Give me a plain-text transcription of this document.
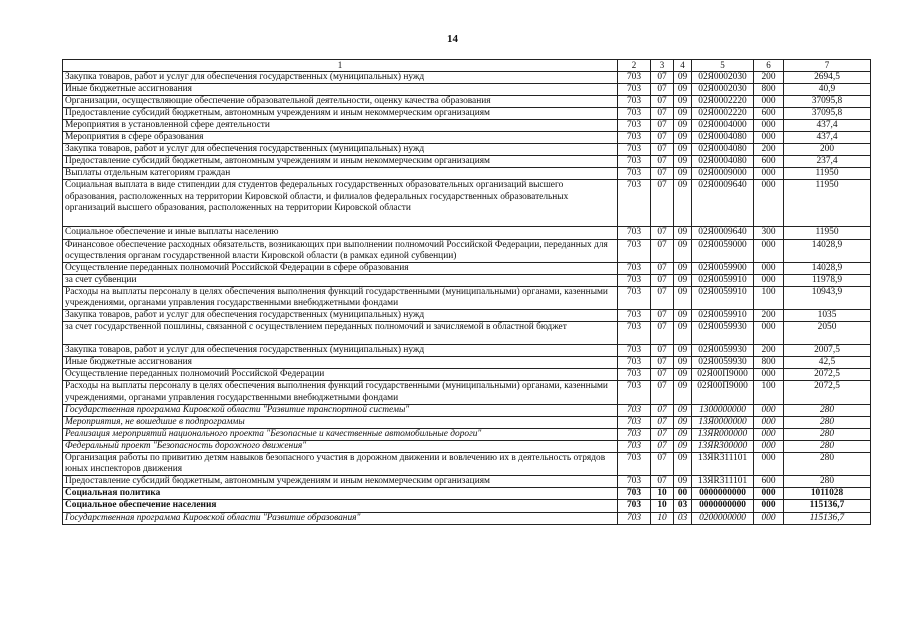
14
1	2	3	4	5	6	7
Закупка товаров, работ и услуг для обеспечения государственных (муниципальных) нужд	703	07	09	02Я0002030	200	2694,5
Иные бюджетные ассигнования	703	07	09	02Я0002030	800	40,9
Организации, осуществляющие обеспечение образовательной деятельности, оценку качества образования	703	07	09	02Я0002220	000	37095,8
Предоставление субсидий бюджетным, автономным учреждениям и иным некоммерческим организациям	703	07	09	02Я0002220	600	37095,8
Мероприятия в установленной сфере деятельности	703	07	09	02Я0004000	000	437,4
Мероприятия в сфере образования	703	07	09	02Я0004080	000	437,4
Закупка товаров, работ и услуг для обеспечения государственных (муниципальных) нужд	703	07	09	02Я0004080	200	200
Предоставление субсидий бюджетным, автономным учреждениям и иным некоммерческим организациям	703	07	09	02Я0004080	600	237,4
Выплаты отдельным категориям граждан	703	07	09	02Я0009000	000	11950
Социальная выплата в виде стипендии для студентов федеральных государственных образовательных организаций высшего образования, расположенных на территории Кировской области, и филиалов федеральных государственных образовательных организаций высшего образования, расположенных на территории Кировской области	703	07	09	02Я0009640	000	11950
Социальное обеспечение и иные выплаты населению	703	07	09	02Я0009640	300	11950
Финансовое обеспечение расходных обязательств, возникающих при выполнении полномочий Российской Федерации, переданных для осуществления органам государственной власти Кировской области (в рамках единой субвенции)	703	07	09	02Я0059000	000	14028,9
Осуществление переданных полномочий Российской Федерации в сфере образования	703	07	09	02Я0059900	000	14028,9
за счет субвенции	703	07	09	02Я0059910	000	11978,9
Расходы на выплаты персоналу в целях обеспечения выполнения функций государственными (муниципальными) органами, казенными учреждениями, органами управления государственными внебюджетными фондами	703	07	09	02Я0059910	100	10943,9
Закупка товаров, работ и услуг для обеспечения государственных (муниципальных) нужд	703	07	09	02Я0059910	200	1035
за счет государственной пошлины, связанной с осуществлением переданных полномочий и зачисляемой в областной бюджет	703	07	09	02Я0059930	000	2050
Закупка товаров, работ и услуг для обеспечения государственных (муниципальных) нужд	703	07	09	02Я0059930	200	2007,5
Иные бюджетные ассигнования	703	07	09	02Я0059930	800	42,5
Осуществление переданных полномочий Российской Федерации	703	07	09	02Я00П9000	000	2072,5
Расходы на выплаты персоналу в целях обеспечения выполнения функций государственными (муниципальными) органами, казенными учреждениями, органами управления государственными внебюджетными фондами	703	07	09	02Я00П9000	100	2072,5
Государственная программа Кировской области "Развитие транспортной системы"	703	07	09	1300000000	000	280
Мероприятия, не вошедшие в подпрограммы	703	07	09	13Я0000000	000	280
Реализация мероприятий национального проекта "Безопасные и качественные автомобильные дороги"	703	07	09	13ЯR000000	000	280
Федеральный проект "Безопасность дорожного движения"	703	07	09	13ЯR300000	000	280
Организация работы по привитию детям навыков безопасного участия в дорожном движении и вовлечению их в деятельность отрядов юных инспекторов движения	703	07	09	13ЯR311101	000	280
Предоставление субсидий бюджетным, автономным учреждениям и иным некоммерческим организациям	703	07	09	13ЯR311101	600	280
Социальная политика	703	10	00	0000000000	000	1011028
Социальное обеспечение населения	703	10	03	0000000000	000	115136,7
Государственная программа Кировской области "Развитие образования"	703	10	03	0200000000	000	115136,7
